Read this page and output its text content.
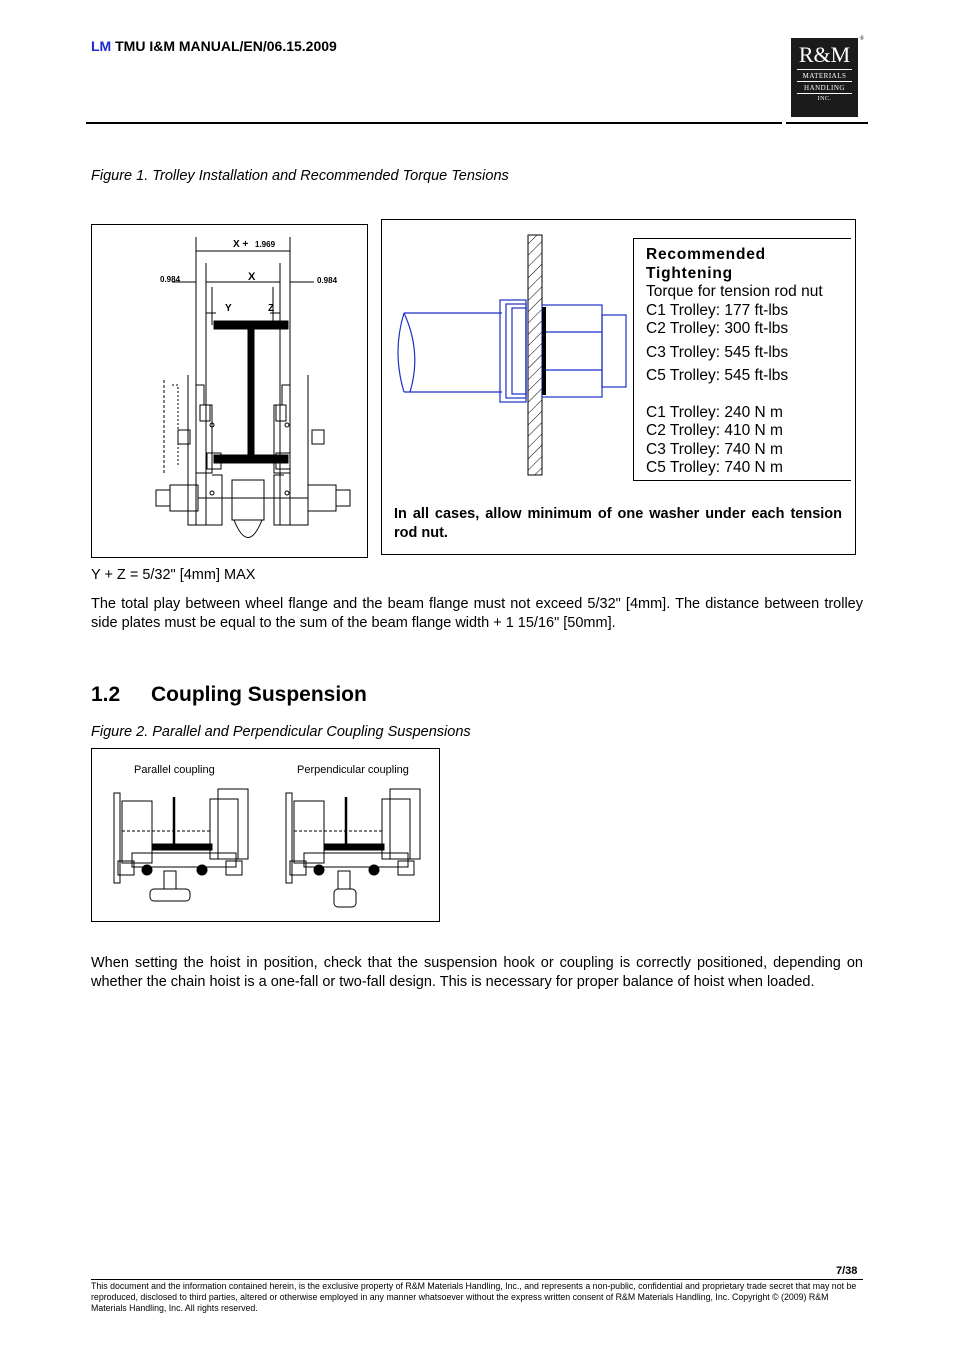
LM TMU I&M MANUAL/EN/06.15.2009	®
R&M
MATERIALS
HANDLING
INC.
Figure 1. Trolley Installation and Recommended Torque Tensions
X + 1.969
X
0.984	0.984
Y	Z
Recommended
Tightening
Torque for tension rod nut
C1 Trolley: 177 ft-lbs
C2 Trolley: 300 ft-lbs
C3 Trolley: 545 ft-lbs
C5 Trolley: 545 ft-lbs
C1 Trolley: 240 N m
C2 Trolley: 410 N m
C3 Trolley: 740 N m
C5 Trolley: 740 N m
In all cases, allow minimum of one washer under each tension rod nut.
Y + Z = 5/32" [4mm] MAX
The total play between wheel flange and the beam flange must not exceed 5/32" [4mm]. The distance between trolley side plates must be equal to the sum of the beam flange width + 1 15/16" [50mm].
1.2 Coupling Suspension
Figure 2. Parallel and Perpendicular Coupling Suspensions
Parallel coupling	Perpendicular coupling
When setting the hoist in position, check that the suspension hook or coupling is correctly positioned, depending on whether the chain hoist is a one-fall or two-fall design. This is necessary for proper balance of hoist when loaded.
7/38
This document and the information contained herein, is the exclusive property of R&M Materials Handling, Inc., and represents a non-public, confidential and proprietary trade secret that may not be reproduced, disclosed to third parties, altered or otherwise employed in any manner whatsoever without the express written consent of R&M Materials Handling, Inc. Copyright © (2009) R&M Materials Handling, Inc. All rights reserved.
